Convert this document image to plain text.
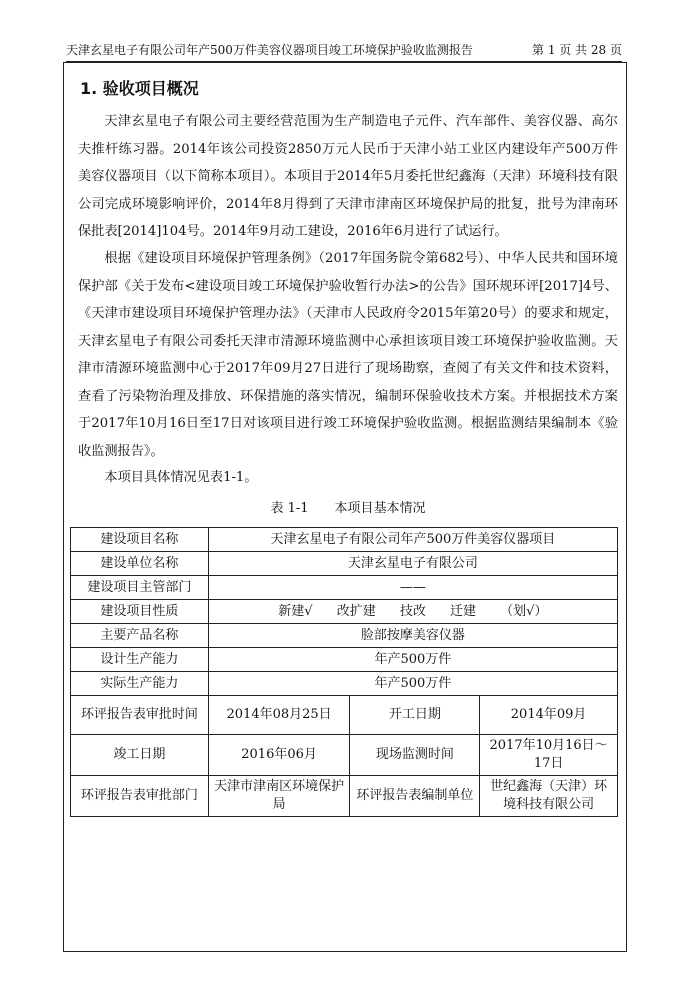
天津玄星电子有限公司年产500万件美容仪器项目竣工环境保护验收监测报告	第 1 页 共 28 页
1. 验收项目概况

天津玄星电子有限公司主要经营范围为生产制造电子元件、汽车部件、美容仪器、高尔夫推杆练习器。2014年该公司投资2850万元人民币于天津小站工业区内建设年产500万件美容仪器项目（以下简称本项目）。本项目于2014年5月委托世纪鑫海（天津）环境科技有限公司完成环境影响评价，2014年8月得到了天津市津南区环境保护局的批复，批号为津南环保批表[2014]104号。2014年9月动工建设，2016年6月进行了试运行。

根据《建设项目环境保护管理条例》（2017年国务院令第682号）、中华人民共和国环境保护部《关于发布<建设项目竣工环境保护验收暂行办法>的公告》国环规环评[2017]4号、《天津市建设项目环境保护管理办法》（天津市人民政府令2015年第20号）的要求和规定，天津玄星电子有限公司委托天津市清源环境监测中心承担该项目竣工环境保护验收监测。天津市清源环境监测中心于2017年09月27日进行了现场勘察，查阅了有关文件和技术资料，查看了污染物治理及排放、环保措施的落实情况，编制环保验收技术方案。并根据技术方案于2017年10月16日至17日对该项目进行竣工环境保护验收监测。根据监测结果编制本《验收监测报告》。

本项目具体情况见表1-1。

表 1-1　　本项目基本情况
建设项目名称	天津玄星电子有限公司年产500万件美容仪器项目		
建设单位名称	天津玄星电子有限公司		
建设项目主管部门	——		
建设项目性质	新建√ 改扩建 技改 迁建 （划√）		
主要产品名称	脸部按摩美容仪器		
设计生产能力	年产500万件		
实际生产能力	年产500万件		
环评报告表审批时间	2014年08月25日	开工日期	2014年09月
竣工日期	2016年06月	现场监测时间	2017年10月16日～17日
环评报告表审批部门	天津市津南区环境保护局	环评报告表编制单位	世纪鑫海（天津）环境科技有限公司
